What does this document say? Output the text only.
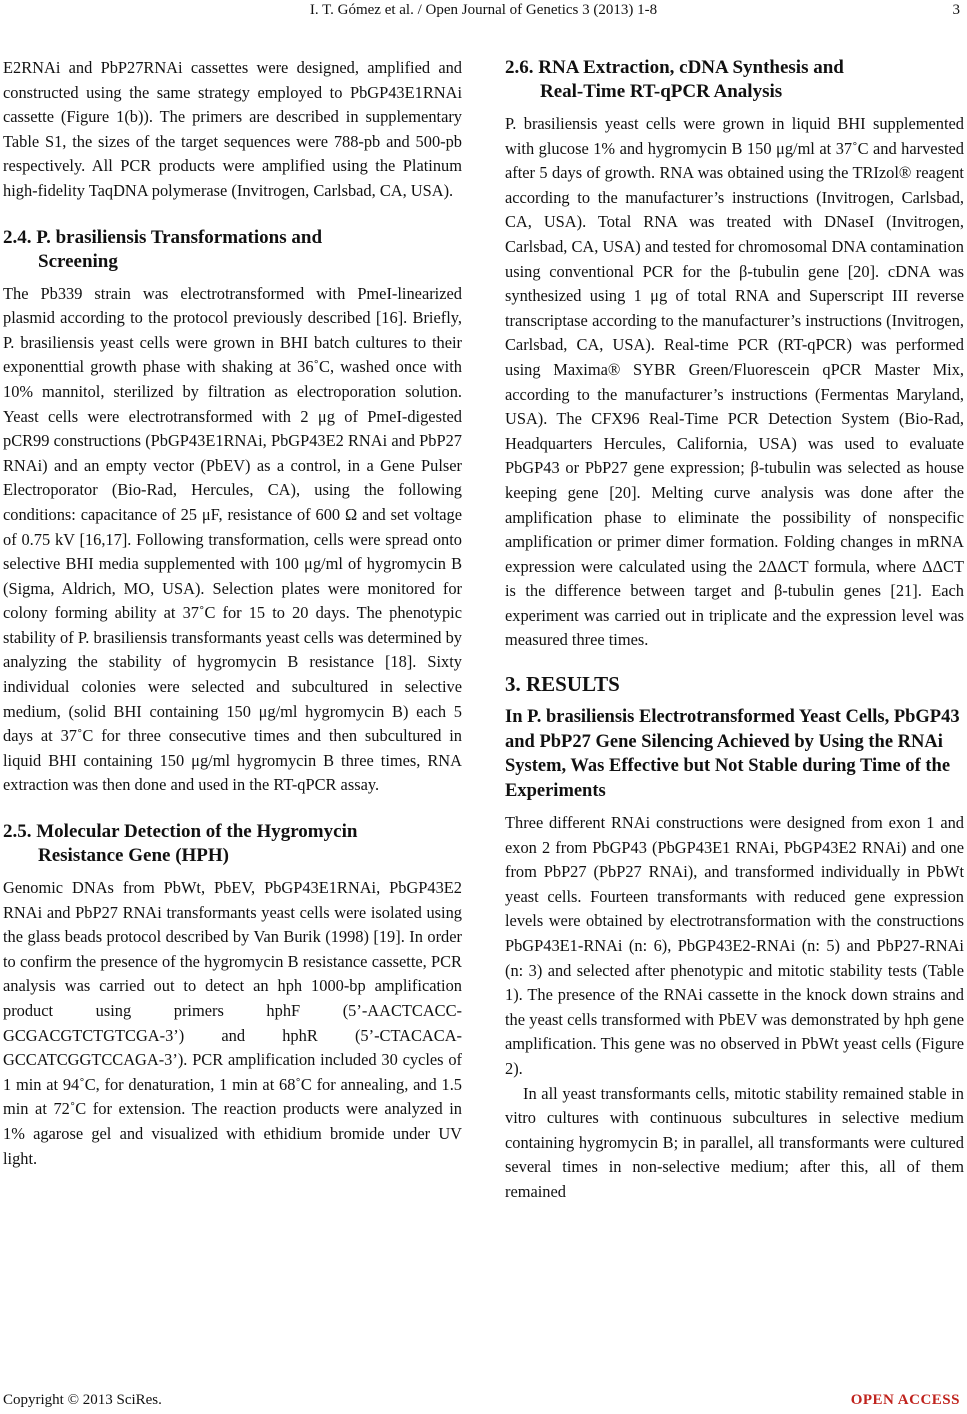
I. T. Gómez et al. / Open Journal of Genetics 3 (2013) 1-8	3

E2RNAi and PbP27RNAi cassettes were designed, amplified and constructed using the same strategy employed to PbGP43E1RNAi cassette (Figure 1(b)). The primers are described in supplementary Table S1, the sizes of the target sequences were 788-pb and 500-pb respectively. All PCR products were amplified using the Platinum high-fidelity TaqDNA polymerase (Invitrogen, Carlsbad, CA, USA).

2.4. P. brasiliensis Transformations and
Screening

The Pb339 strain was electrotransformed with PmeI-linearized plasmid according to the protocol previously described [16]. Briefly, P. brasiliensis yeast cells were grown in BHI batch cultures to their exponenttial growth phase with shaking at 36˚C, washed once with 10% mannitol, sterilized by filtration as electroporation solution. Yeast cells were electrotransformed with 2 μg of PmeI-digested pCR99 constructions (PbGP43E1RNAi, PbGP43E2 RNAi and PbP27 RNAi) and an empty vector (PbEV) as a control, in a Gene Pulser Electroporator (Bio-Rad, Hercules, CA), using the following conditions: capacitance of 25 μF, resistance of 600 Ω and set voltage of 0.75 kV [16,17]. Following transformation, cells were spread onto selective BHI media supplemented with 100 μg/ml of hygromycin B (Sigma, Aldrich, MO, USA). Selection plates were monitored for colony forming ability at 37˚C for 15 to 20 days. The phenotypic stability of P. brasiliensis transformants yeast cells was determined by analyzing the stability of hygromycin B resistance [18]. Sixty individual colonies were selected and subcultured in selective medium, (solid BHI containing 150 μg/ml hygromycin B) each 5 days at 37˚C for three consecutive times and then subcultured in liquid BHI containing 150 μg/ml hygromycin B three times, RNA extraction was then done and used in the RT-qPCR assay.

2.5. Molecular Detection of the Hygromycin
Resistance Gene (HPH)

Genomic DNAs from PbWt, PbEV, PbGP43E1RNAi, PbGP43E2 RNAi and PbP27 RNAi transformants yeast cells were isolated using the glass beads protocol described by Van Burik (1998) [19]. In order to confirm the presence of the hygromycin B resistance cassette, PCR analysis was carried out to detect an hph 1000-bp amplification product using primers hphF (5’-AACTCACC-GCGACGTCTGTCGA-3’) and hphR (5’-CTACACA-GCCATCGGTCCAGA-3’). PCR amplification included 30 cycles of 1 min at 94˚C, for denaturation, 1 min at 68˚C for annealing, and 1.5 min at 72˚C for extension. The reaction products were analyzed in 1% agarose gel and visualized with ethidium bromide under UV light.

2.6. RNA Extraction, cDNA Synthesis and
Real-Time RT-qPCR Analysis

P. brasiliensis yeast cells were grown in liquid BHI supplemented with glucose 1% and hygromycin B 150 μg/ml at 37˚C and harvested after 5 days of growth. RNA was obtained using the TRIzol® reagent according to the manufacturer’s instructions (Invitrogen, Carlsbad, CA, USA). Total RNA was treated with DNaseI (Invitrogen, Carlsbad, CA, USA) and tested for chromosomal DNA contamination using conventional PCR for the β-tubulin gene [20]. cDNA was synthesized using 1 μg of total RNA and Superscript III reverse transcriptase according to the manufacturer’s instructions (Invitrogen, Carlsbad, CA, USA). Real-time PCR (RT-qPCR) was performed using Maxima® SYBR Green/Fluorescein qPCR Master Mix, according to the manufacturer’s instructions (Fermentas Maryland, USA). The CFX96 Real-Time PCR Detection System (Bio-Rad, Headquarters Hercules, California, USA) was used to evaluate PbGP43 or PbP27 gene expression; β-tubulin was selected as house keeping gene [20]. Melting curve analysis was done after the amplification phase to eliminate the possibility of nonspecific amplification or primer dimer formation. Folding changes in mRNA expression were calculated using the 2ΔΔCT formula, where ΔΔCT is the difference between target and β-tubulin genes [21]. Each experiment was carried out in triplicate and the expression level was measured three times.

3. RESULTS
In P. brasiliensis Electrotransformed Yeast Cells, PbGP43 and PbP27 Gene Silencing Achieved by Using the RNAi System, Was Effective but Not Stable during Time of the Experiments

Three different RNAi constructions were designed from exon 1 and exon 2 from PbGP43 (PbGP43E1 RNAi, PbGP43E2 RNAi) and one from PbP27 (PbP27 RNAi), and transformed individually in PbWt yeast cells. Fourteen transformants with reduced gene expression levels were obtained by electrotransformation with the constructions PbGP43E1-RNAi (n: 6), PbGP43E2-RNAi (n: 5) and PbP27-RNAi (n: 3) and selected after phenotypic and mitotic stability tests (Table 1). The presence of the RNAi cassette in the knock down strains and the yeast cells transformed with PbEV was demonstrated by hph gene amplification. This gene was no observed in PbWt yeast cells (Figure 2).

In all yeast transformants cells, mitotic stability remained stable in vitro cultures with continuous subcultures in selective medium containing hygromycin B; in parallel, all transformants were cultured several times in non-selective medium; after this, all of them remained

Copyright © 2013 SciRes.	OPEN ACCESS
